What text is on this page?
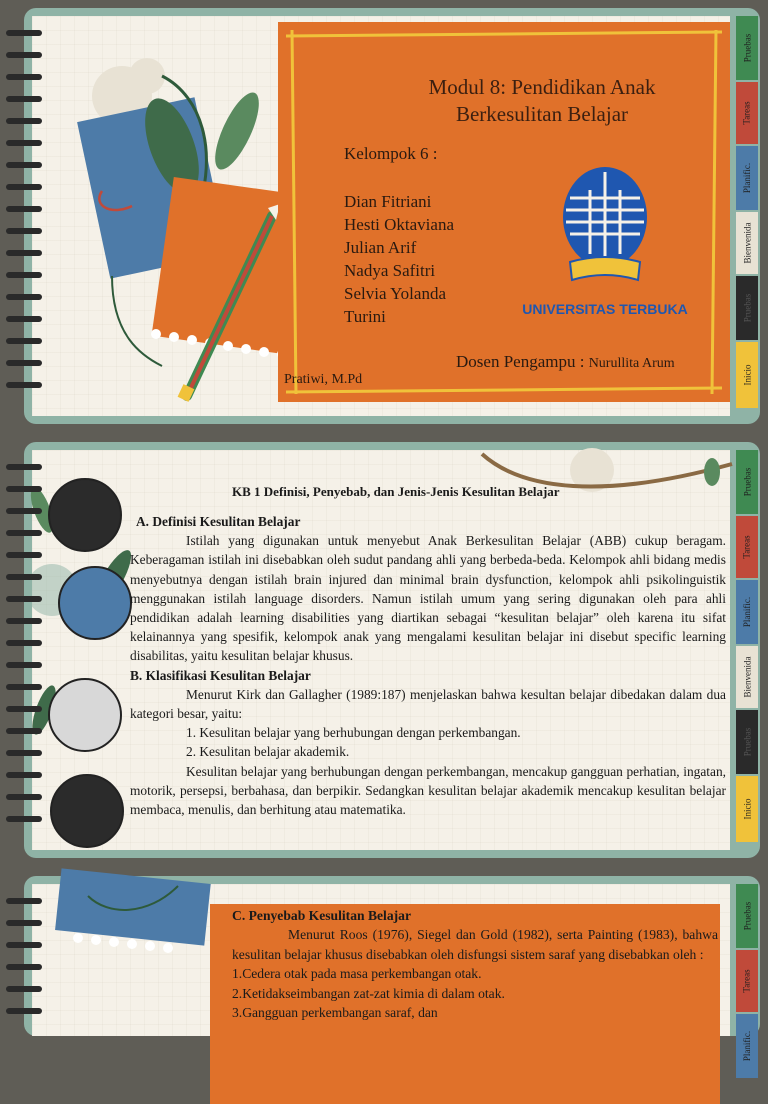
Modul 8: Pendidikan Anak
Berkesulitan Belajar
Kelompok 6 :
Dian Fitriani
Hesti Oktaviana
Julian Arif
Nadya Safitri
Selvia Yolanda
Turini	UNIVERSITAS TERBUKA
Dosen Pengampu : Nurullita Arum
Pratiwi, M.Pd
Pruebas
Tareas
Planific.
Bienvenida
Pruebas
Inicio
KB 1 Definisi, Penyebab, dan Jenis-Jenis Kesulitan Belajar
A. Definisi Kesulitan Belajar

Istilah yang digunakan untuk menyebut Anak Berkesulitan Belajar (ABB) cukup beragam. Keberagaman istilah ini disebabkan oleh sudut pandang ahli yang berbeda-beda. Kelompok ahli bidang medis menyebutnya dengan istilah brain injured dan minimal brain dysfunction, kelompok ahli psikolinguistik menggunakan istilah language disorders. Namun istilah umum yang sering digunakan oleh para ahli pendidikan adalah learning disabilities yang diartikan sebagai “kesulitan belajar” oleh karena itu sifat kelainannya yang spesifik, kelompok anak yang mengalami kesulitan belajar ini disebut specific learning disabilitas, yaitu kesulitan belajar khusus.

B. Klasifikasi Kesulitan Belajar

Menurut Kirk dan Gallagher (1989:187) menjelaskan bahwa kesultan belajar dibedakan dalam dua kategori besar, yaitu:

1. Kesulitan belajar yang berhubungan dengan perkembangan.
2. Kesulitan belajar akademik.

Kesulitan belajar yang berhubungan dengan perkembangan, mencakup gangguan perhatian, ingatan, motorik, persepsi, berbahasa, dan berpikir. Sedangkan kesulitan belajar akademik mencakup kesulitan belajar membaca, menulis, dan berhitung atau matematika.

Pruebas
Tareas
Planific.
Bienvenida
Pruebas
Inicio
C. Penyebab Kesulitan Belajar

Menurut Roos (1976), Siegel dan Gold (1982), serta Painting (1983), bahwa kesulitan belajar khusus disebabkan oleh disfungsi sistem saraf yang disebabkan oleh :

1.Cedera otak pada masa perkembangan otak.
2.Ketidakseimbangan zat-zat kimia di dalam otak.
3.Gangguan perkembangan saraf, dan
Pruebas
Tareas
Planific.
